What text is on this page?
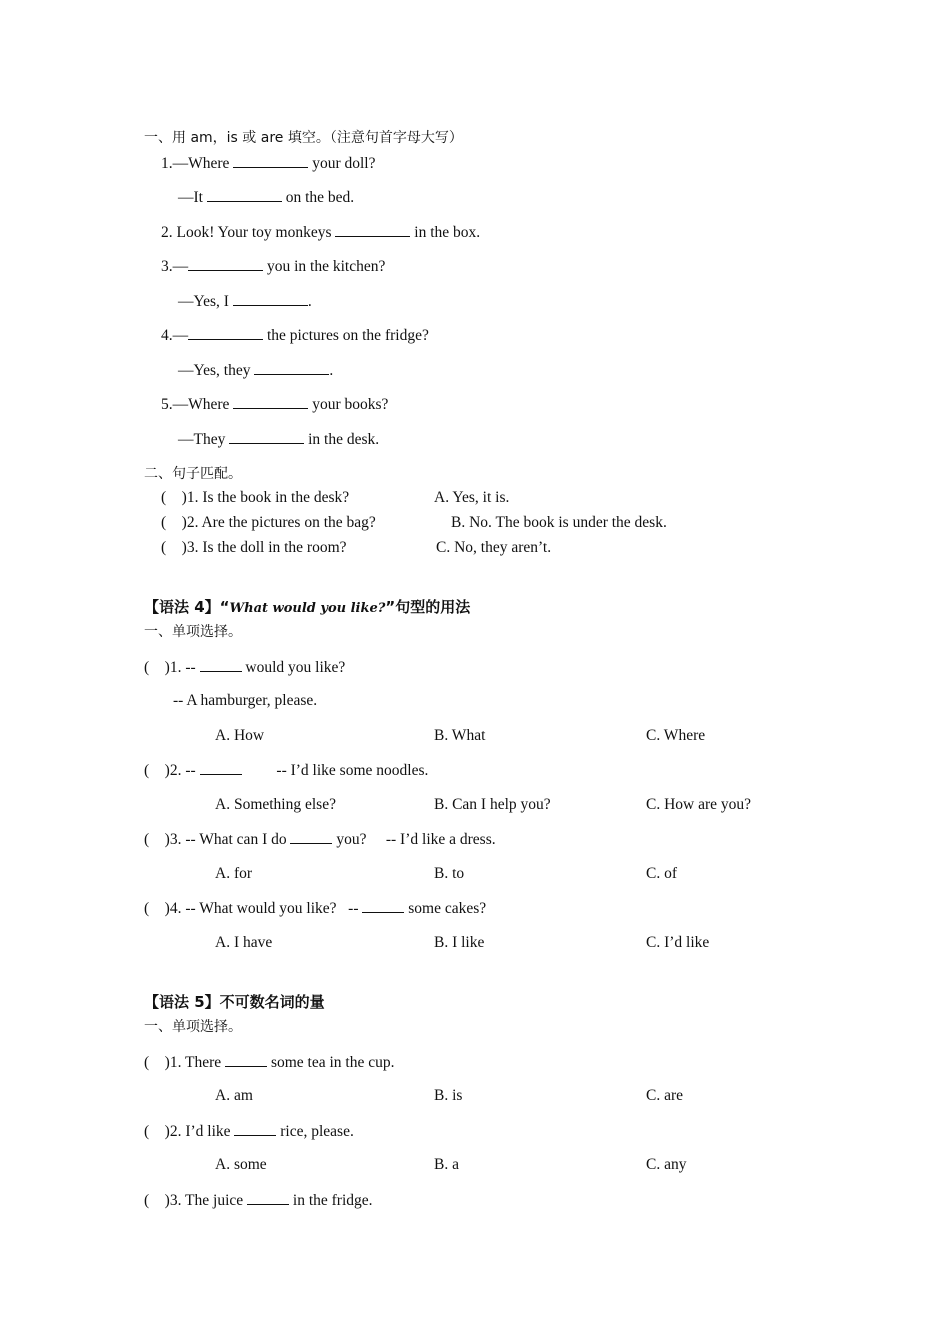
一、用 am，is 或 are 填空。（注意句首字母大写）
1.—Where	your doll?
—It	on the bed.
2. Look! Your toy monkeys	in the box.
3.—	you in the kitchen?
—Yes, I	.
4.—	the pictures on the fridge?
—Yes, they	.
5.—Where	your books?
—They	in the desk.
二、句子匹配。
(    )1. Is the book in the desk?	A. Yes, it is.
(    )2. Are the pictures on the bag?	B. No. The book is under the desk.
(    )3. Is the doll in the room?	C. No, they aren’t.
【语法 4】“What would you like?”句型的用法
一、单项选择。
(    )1. --	would you like?
-- A hamburger, please.
A. How	B. What	C. Where
(    )2. --	-- I’d like some noodles.
A. Something else?	B. Can I help you?	C. How are you?
(    )3. -- What can I do	you?     -- I’d like a dress.
A. for	B. to	C. of
(    )4. -- What would you like?   --	some cakes?
A. I have	B. I like	C. I’d like
【语法 5】不可数名词的量
一、单项选择。
(    )1. There	some tea in the cup.
A. am	B. is	C. are
(    )2. I’d like	rice, please.
A. some	B. a	C. any
(    )3. The juice	in the fridge.
